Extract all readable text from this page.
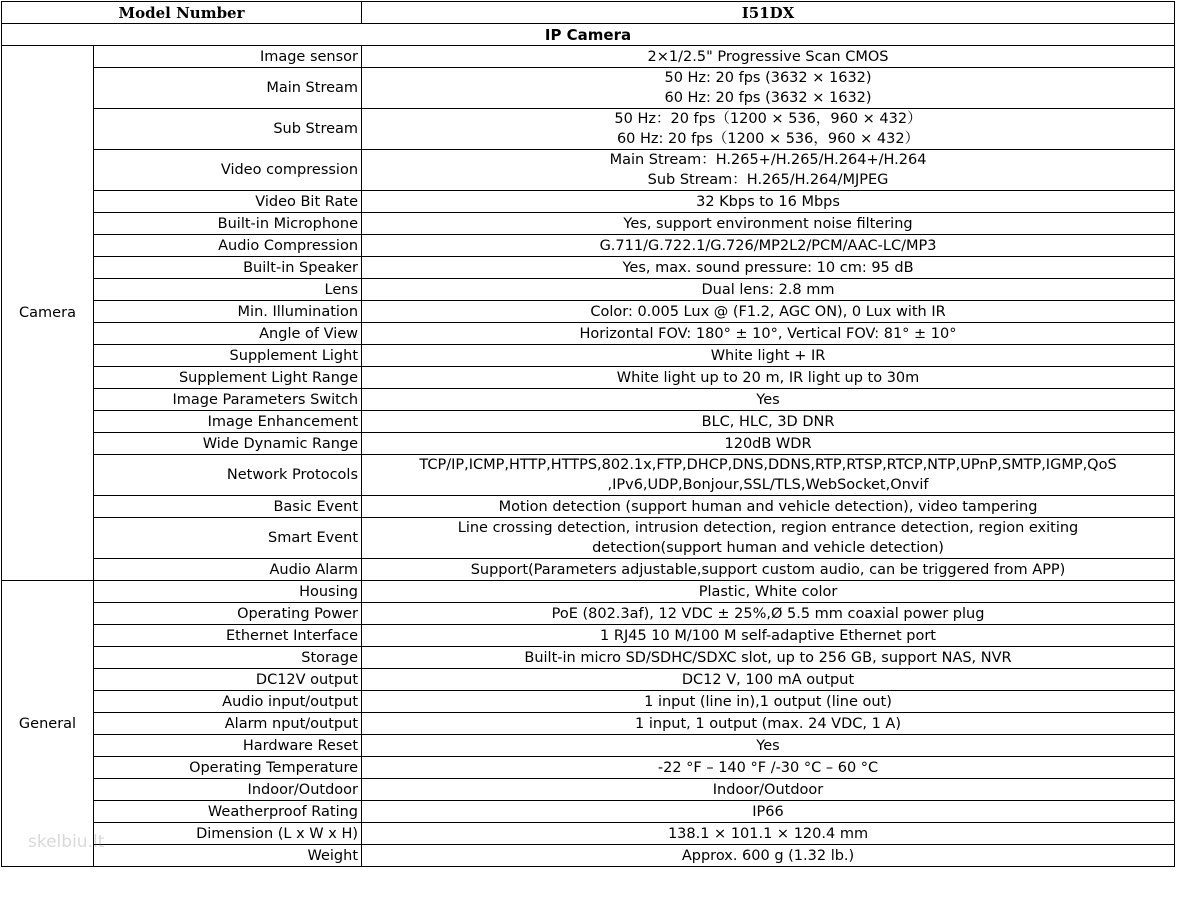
Model Number		I51DX
IP Camera		
Camera	Image sensor	2×1/2.5" Progressive Scan CMOS

	Main Stream	50 Hz: 20 fps (3632 × 1632)
60 Hz: 20 fps (3632 × 1632)

	Sub Stream	50 Hz：20 fps（1200 × 536，960 × 432）
60 Hz: 20 fps（1200 × 536，960 × 432）

	Video compression	Main Stream：H.265+/H.265/H.264+/H.264
Sub Stream：H.265/H.264/MJPEG

	Video Bit Rate	32 Kbps to 16 Mbps

	Built-in Microphone	Yes, support environment noise filtering

	Audio Compression	G.711/G.722.1/G.726/MP2L2/PCM/AAC-LC/MP3

	Built-in Speaker	Yes, max. sound pressure: 10 cm: 95 dB

	Lens	Dual lens: 2.8 mm

	Min. Illumination	Color: 0.005 Lux @ (F1.2, AGC ON), 0 Lux with IR

	Angle of View	Horizontal FOV: 180° ± 10°, Vertical FOV: 81° ± 10°

	Supplement Light	White light + IR

	Supplement Light Range	White light up to 20 m, IR light up to 30m

	Image Parameters Switch	Yes

	Image Enhancement	BLC, HLC, 3D DNR

	Wide Dynamic Range	120dB WDR

	Network Protocols	TCP/IP,ICMP,HTTP,HTTPS,802.1x,FTP,DHCP,DNS,DDNS,RTP,RTSP,RTCP,NTP,UPnP,SMTP,IGMP,QoS
,IPv6,UDP,Bonjour,SSL/TLS,WebSocket,Onvif

	Basic Event	Motion detection (support human and vehicle detection), video tampering

	Smart Event	Line crossing detection, intrusion detection, region entrance detection, region exiting
detection(support human and vehicle detection)

	Audio Alarm	Support(Parameters adjustable,support custom audio, can be triggered from APP)

General	Housing	Plastic, White color

	Operating Power	PoE (802.3af), 12 VDC ± 25%,Ø 5.5 mm coaxial power plug

	Ethernet Interface	1 RJ45 10 M/100 M self-adaptive Ethernet port

	Storage	Built-in micro SD/SDHC/SDXC slot, up to 256 GB, support NAS, NVR

	DC12V output	DC12 V, 100 mA output

	Audio input/output	1 input (line in),1 output (line out)

	Alarm nput/output	1 input, 1 output (max. 24 VDC, 1 A)

	Hardware Reset	Yes

	Operating Temperature	-22 °F – 140 °F /-30 °C – 60 °C

	Indoor/Outdoor	Indoor/Outdoor

	Weatherproof Rating	IP66

	Dimension (L x W x H)	138.1 × 101.1 × 120.4 mm

	Weight	Approx. 600 g (1.32 lb.)
skelbiu.lt
